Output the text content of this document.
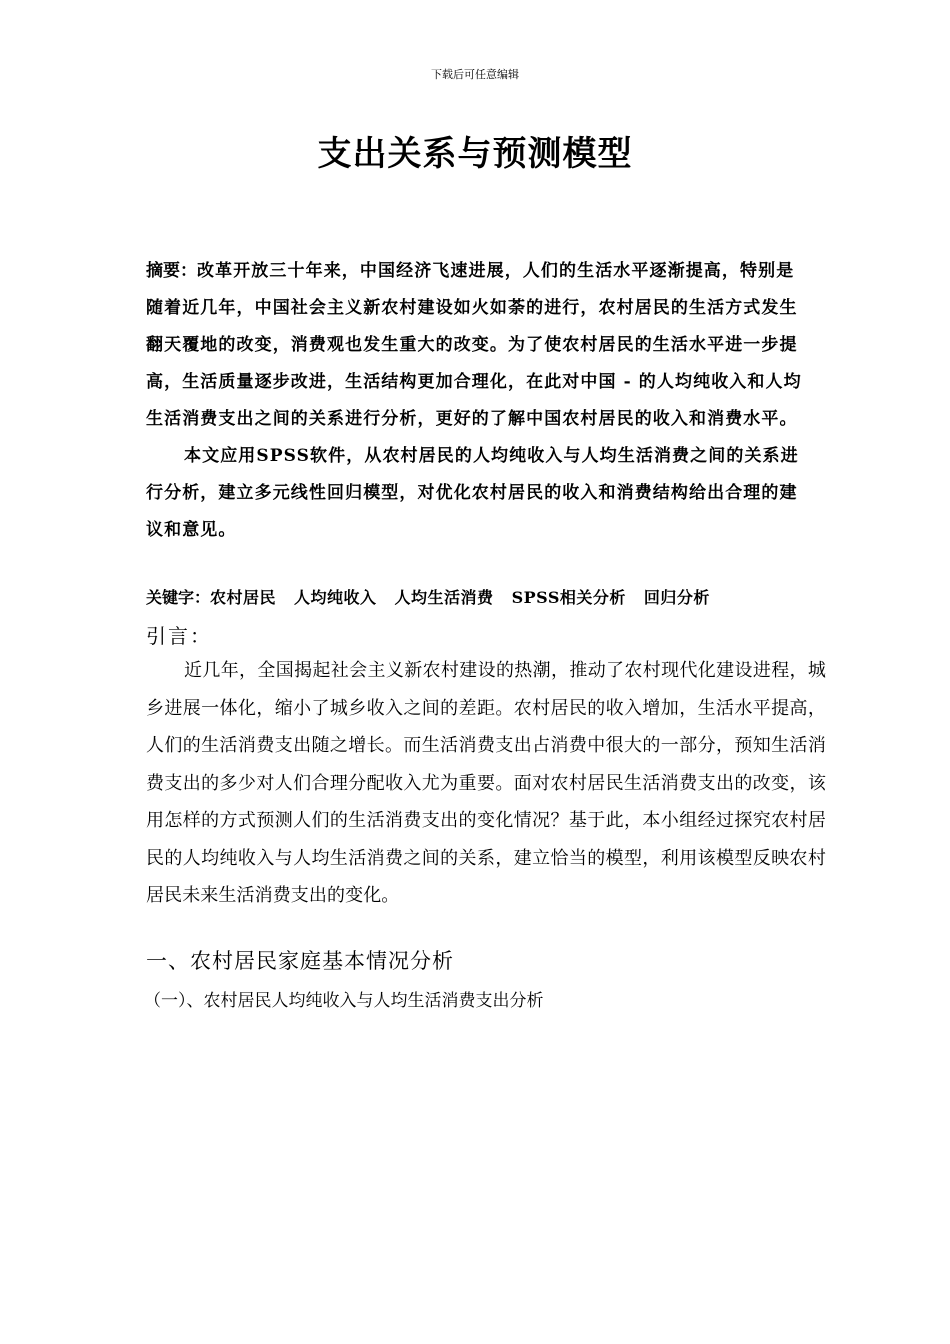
下载后可任意编辑
支出关系与预测模型

摘要：改革开放三十年来，中国经济飞速进展，人们的生活水平逐渐提高，特别是随着近几年，中国社会主义新农村建设如火如荼的进行，农村居民的生活方式发生翻天覆地的改变，消费观也发生重大的改变。为了使农村居民的生活水平进一步提高，生活质量逐步改进，生活结构更加合理化，在此对中国 - 的人均纯收入和人均生活消费支出之间的关系进行分析，更好的了解中国农村居民的收入和消费水平。

本文应用SPSS软件，从农村居民的人均纯收入与人均生活消费之间的关系进行分析，建立多元线性回归模型，对优化农村居民的收入和消费结构给出合理的建议和意见。

关键字：农村居民 人均纯收入 人均生活消费 SPSS相关分析 回归分析
引言：

近几年，全国揭起社会主义新农村建设的热潮，推动了农村现代化建设进程，城乡进展一体化，缩小了城乡收入之间的差距。农村居民的收入增加，生活水平提高，人们的生活消费支出随之增长。而生活消费支出占消费中很大的一部分，预知生活消费支出的多少对人们合理分配收入尤为重要。面对农村居民生活消费支出的改变，该用怎样的方式预测人们的生活消费支出的变化情况？基于此，本小组经过探究农村居民的人均纯收入与人均生活消费之间的关系，建立恰当的模型，利用该模型反映农村居民未来生活消费支出的变化。

一、农村居民家庭基本情况分析
（一）、农村居民人均纯收入与人均生活消费支出分析
